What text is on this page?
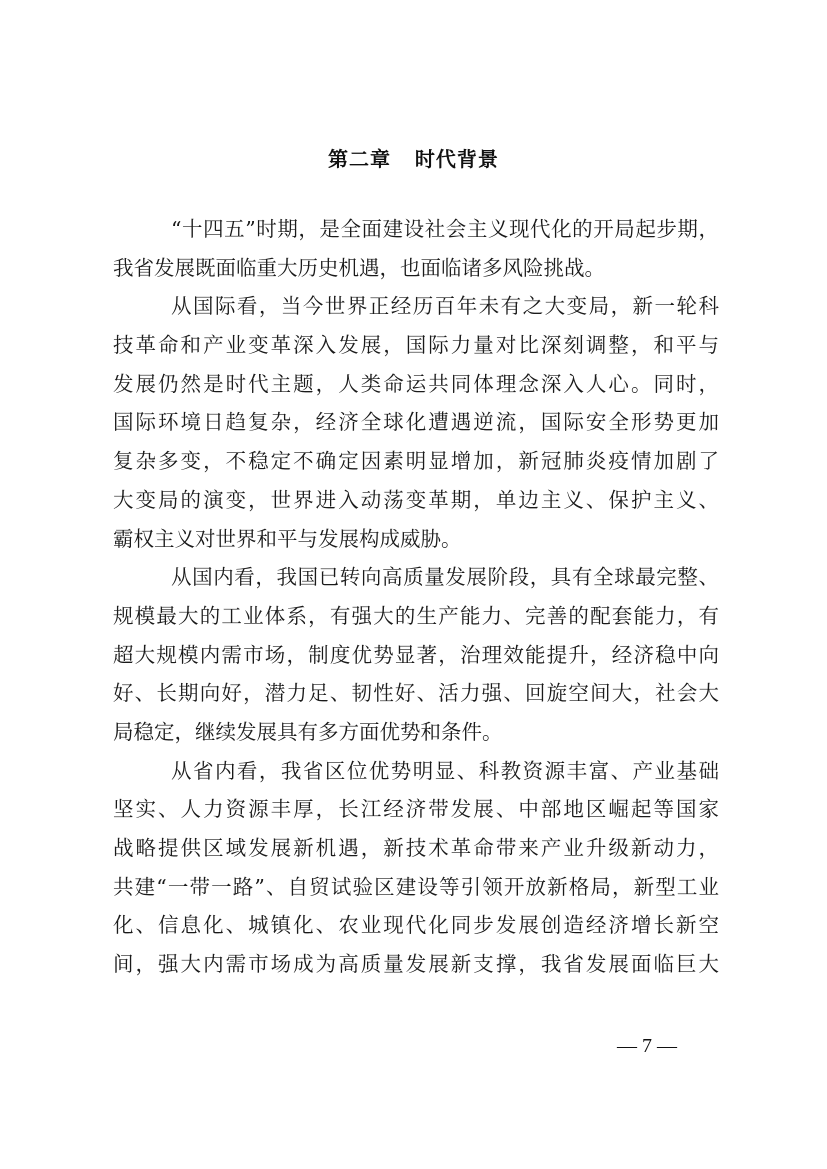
第二章   时代背景
“十四五”时期，是全面建设社会主义现代化的开局起步期，
我省发展既面临重大历史机遇，也面临诸多风险挑战。
从国际看，当今世界正经历百年未有之大变局，新一轮科
技革命和产业变革深入发展，国际力量对比深刻调整，和平与
发展仍然是时代主题，人类命运共同体理念深入人心。同时，
国际环境日趋复杂，经济全球化遭遇逆流，国际安全形势更加
复杂多变，不稳定不确定因素明显增加，新冠肺炎疫情加剧了
大变局的演变，世界进入动荡变革期，单边主义、保护主义、
霸权主义对世界和平与发展构成威胁。
从国内看，我国已转向高质量发展阶段，具有全球最完整、
规模最大的工业体系，有强大的生产能力、完善的配套能力，有
超大规模内需市场，制度优势显著，治理效能提升，经济稳中向
好、长期向好，潜力足、韧性好、活力强、回旋空间大，社会大
局稳定，继续发展具有多方面优势和条件。
从省内看，我省区位优势明显、科教资源丰富、产业基础
坚实、人力资源丰厚，长江经济带发展、中部地区崛起等国家
战略提供区域发展新机遇，新技术革命带来产业升级新动力，
共建“一带一路”、自贸试验区建设等引领开放新格局，新型工业
化、信息化、城镇化、农业现代化同步发展创造经济增长新空
间，强大内需市场成为高质量发展新支撑，我省发展面临巨大
— 7 —
